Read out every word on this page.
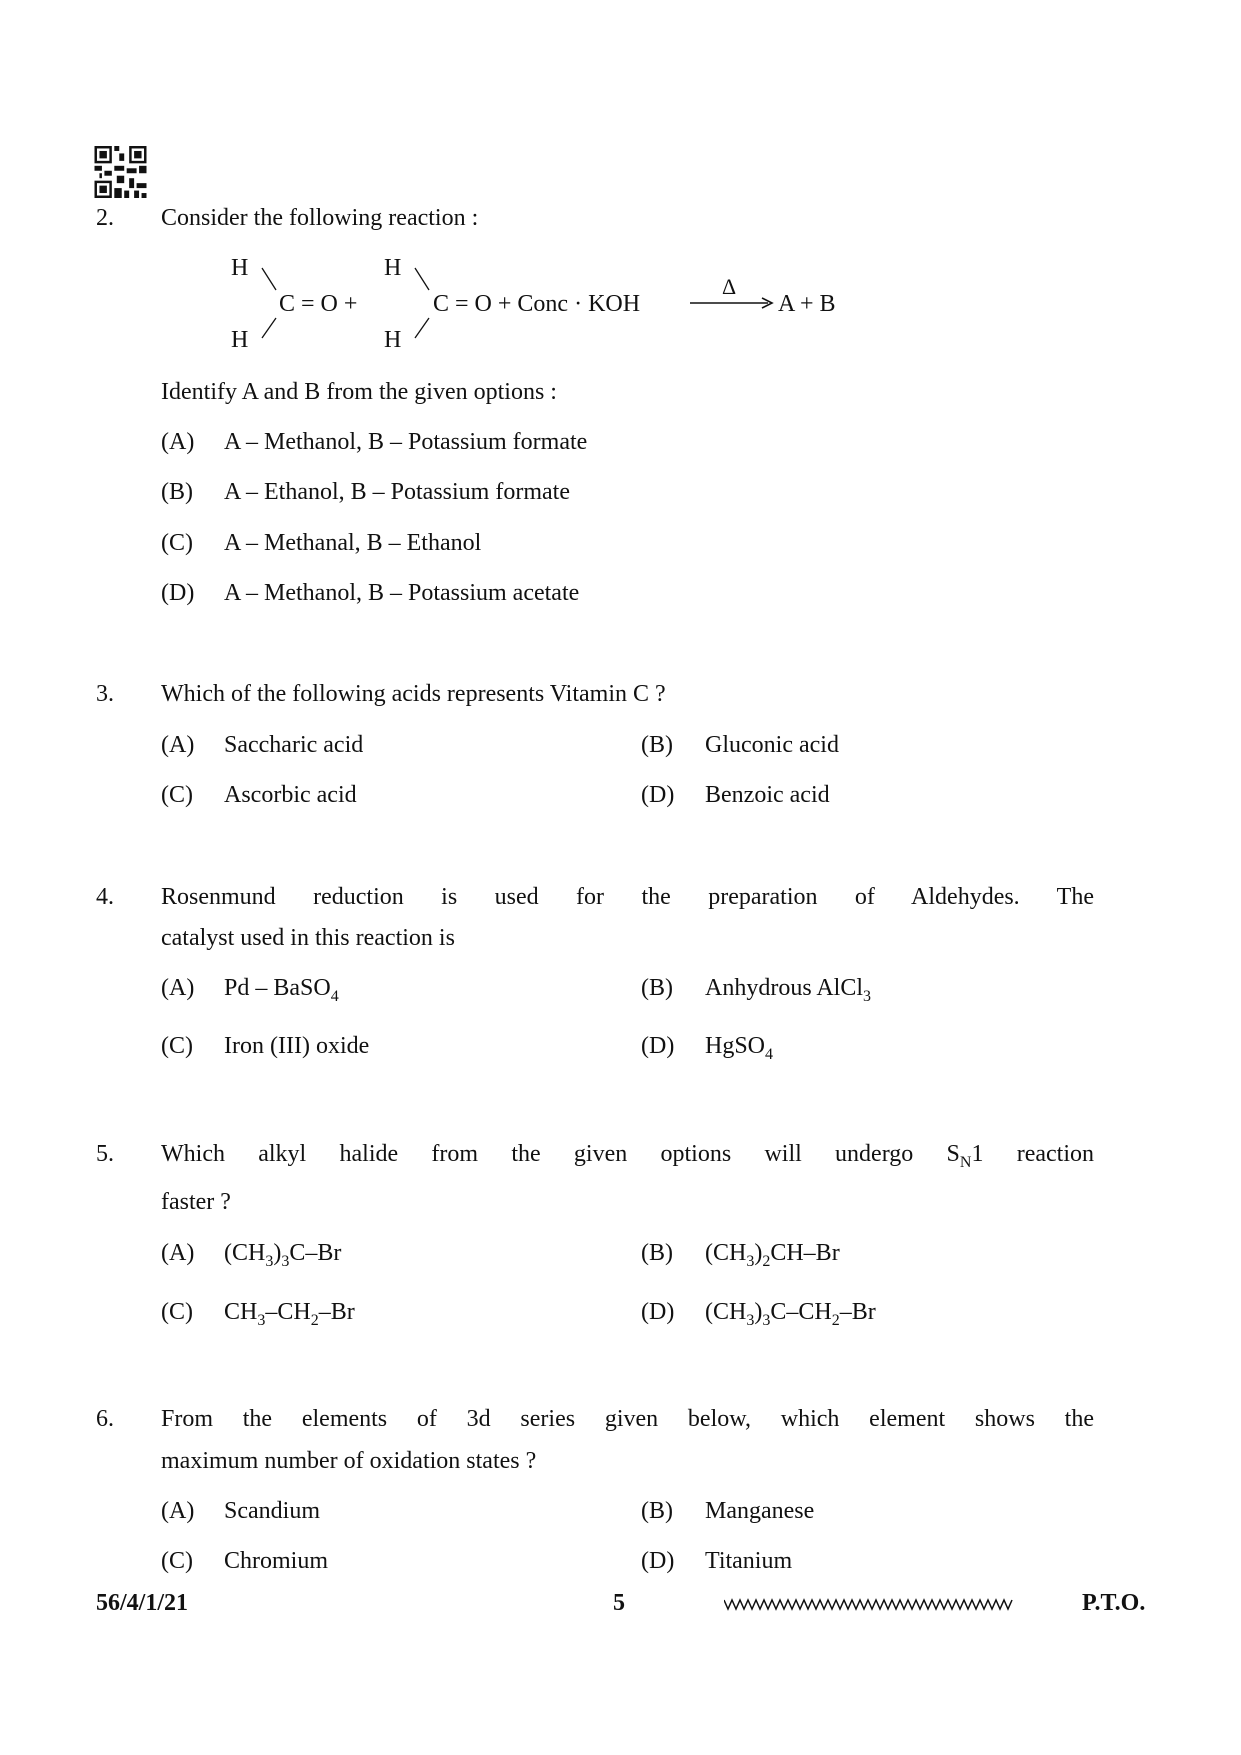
2. Consider the following reaction :
H
H
C = O +
H
H
C = O + Conc · KOH
Δ
A + B
Identify A and B from the given options :
(A) A – Methanol, B – Potassium formate
(B) A – Ethanol, B – Potassium formate
(C) A – Methanal, B – Ethanol
(D) A – Methanol, B – Potassium acetate
3. Which of the following acids represents Vitamin C ?
(A) Saccharic acid	(B) Gluconic acid
(C) Ascorbic acid	(D) Benzoic acid
4. Rosenmund reduction is used for the preparation of Aldehydes. The
catalyst used in this reaction is
(A) Pd – BaSO$_4$	(B) Anhydrous AlCl$_3$
(C) Iron (III) oxide	(D) HgSO$_4$
5. Which alkyl halide from the given options will undergo $S_N1$ reaction
faster ?
(A) $(CH_3)_3C-Br$	(B) $(CH_3)_2CH-Br$
(C) $CH_3-CH_2-Br$	(D) $(CH_3)_3C-CH_2-Br$
6. From the elements of 3d series given below, which element shows the
maximum number of oxidation states ?
(A) Scandium	(B) Manganese
(C) Chromium	(D) Titanium
56/4/1/21	5	P.T.O.
